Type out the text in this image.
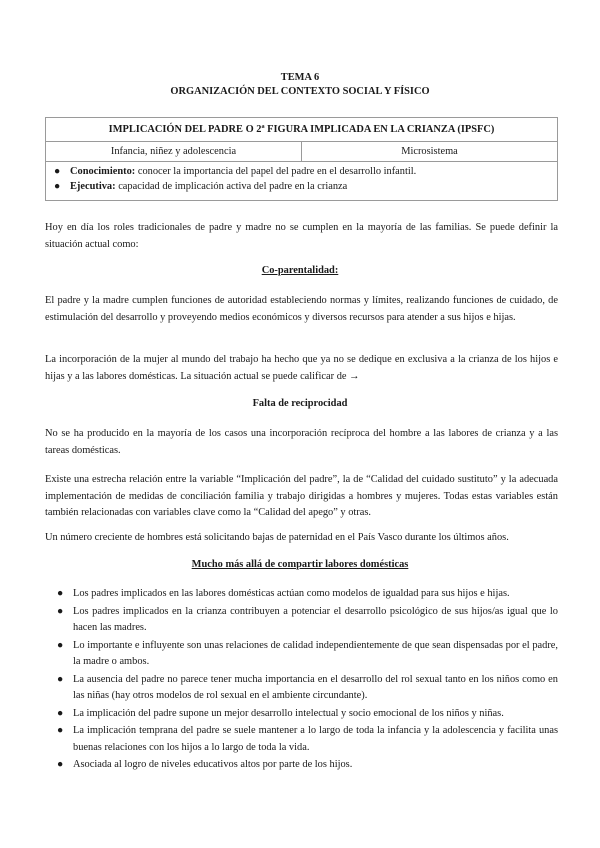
TEMA 6
ORGANIZACIÓN DEL CONTEXTO SOCIAL Y FÍSICO
IMPLICACIÓN DEL PADRE O 2ª FIGURA IMPLICADA EN LA CRIANZA (IPSFC)
Infancia, niñez y adolescencia	Microsistema

● Conocimiento: conocer la importancia del papel del padre en el desarrollo infantil.
● Ejecutiva: capacidad de implicación activa del padre en la crianza
Hoy en día los roles tradicionales de padre y madre no se cumplen en la mayoría de las familias. Se puede definir la situación actual como:
Co-parentalidad:
El padre y la madre cumplen funciones de autoridad estableciendo normas y límites, realizando funciones de cuidado, de estimulación del desarrollo y proveyendo medios económicos y diversos recursos para atender a sus hijos e hijas.
La incorporación de la mujer al mundo del trabajo ha hecho que ya no se dedique en exclusiva a la crianza de los hijos e hijas y a las labores domésticas. La situación actual se puede calificar de →
Falta de reciprocidad
No se ha producido en la mayoría de los casos una incorporación recíproca del hombre a las labores de crianza y a las tareas domésticas.
Existe una estrecha relación entre la variable “Implicación del padre”, la de “Calidad del cuidado sustituto” y la adecuada implementación de medidas de conciliación familia y trabajo dirigidas a hombres y mujeres. Todas estas variables están también relacionadas con variables clave como la “Calidad del apego” y otras.
Un número creciente de hombres está solicitando bajas de paternidad en el País Vasco durante los últimos años.
Mucho más allá de compartir labores domésticas
● Los padres implicados en las labores domésticas actúan como modelos de igualdad para sus hijos e hijas.
● Los padres implicados en la crianza contribuyen a potenciar el desarrollo psicológico de sus hijos/as igual que lo hacen las madres.
● Lo importante e influyente son unas relaciones de calidad independientemente de que sean dispensadas por el padre, la madre o ambos.
● La ausencia del padre no parece tener mucha importancia en el desarrollo del rol sexual tanto en los niños como en las niñas (hay otros modelos de rol sexual en el ambiente circundante).
● La implicación del padre supone un mejor desarrollo intelectual y socio emocional de los niños y niñas.
● La implicación temprana del padre se suele mantener a lo largo de toda la infancia y la adolescencia y facilita unas buenas relaciones con los hijos a lo largo de toda la vida.
● Asociada al logro de niveles educativos altos por parte de los hijos.
